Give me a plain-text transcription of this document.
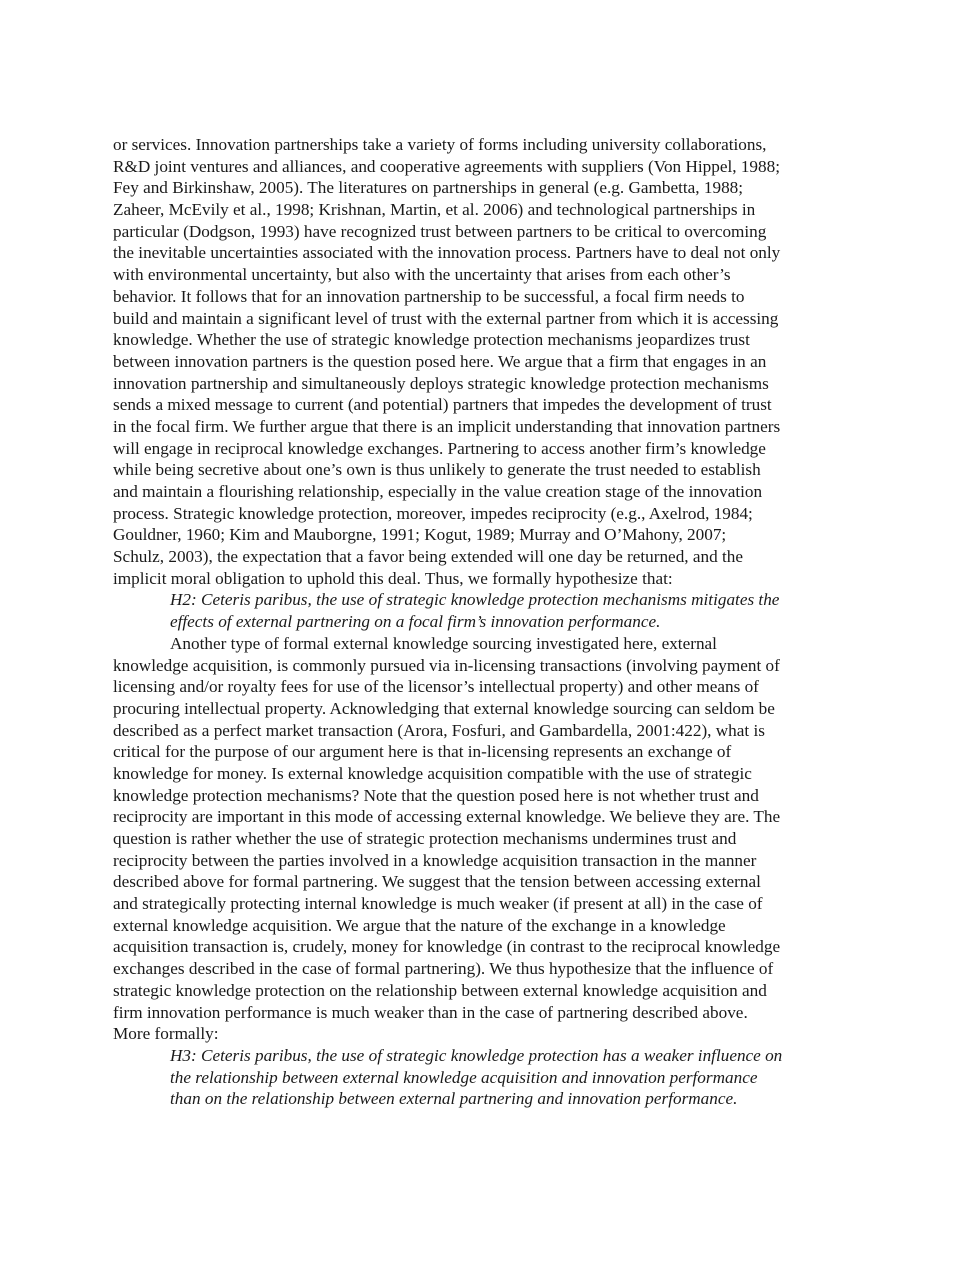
or services. Innovation partnerships take a variety of forms including university collaborations,
R&D joint ventures and alliances, and cooperative agreements with suppliers (Von Hippel, 1988;
Fey and Birkinshaw, 2005). The literatures on partnerships in general (e.g. Gambetta, 1988;
Zaheer, McEvily et al., 1998; Krishnan, Martin, et al. 2006) and technological partnerships in
particular (Dodgson, 1993) have recognized trust between partners to be critical to overcoming
the inevitable uncertainties associated with the innovation process. Partners have to deal not only
with environmental uncertainty, but also with the uncertainty that arises from each other’s
behavior. It follows that for an innovation partnership to be successful, a focal firm needs to
build and maintain a significant level of trust with the external partner from which it is accessing
knowledge. Whether the use of strategic knowledge protection mechanisms jeopardizes trust
between innovation partners is the question posed here. We argue that a firm that engages in an
innovation partnership and simultaneously deploys strategic knowledge protection mechanisms
sends a mixed message to current (and potential) partners that impedes the development of trust
in the focal firm. We further argue that there is an implicit understanding that innovation partners
will engage in reciprocal knowledge exchanges. Partnering to access another firm’s knowledge
while being secretive about one’s own is thus unlikely to generate the trust needed to establish
and maintain a flourishing relationship, especially in the value creation stage of the innovation
process. Strategic knowledge protection, moreover, impedes reciprocity (e.g., Axelrod, 1984;
Gouldner, 1960; Kim and Mauborgne, 1991; Kogut, 1989; Murray and O’Mahony, 2007;
Schulz, 2003), the expectation that a favor being extended will one day be returned, and the
implicit moral obligation to uphold this deal. Thus, we formally hypothesize that:
H2: Ceteris paribus, the use of strategic knowledge protection mechanisms mitigates the
effects of external partnering on a focal firm’s innovation performance.
Another type of formal external knowledge sourcing investigated here, external
knowledge acquisition, is commonly pursued via in-licensing transactions (involving payment of
licensing and/or royalty fees for use of the licensor’s intellectual property) and other means of
procuring intellectual property. Acknowledging that external knowledge sourcing can seldom be
described as a perfect market transaction (Arora, Fosfuri, and Gambardella, 2001:422), what is
critical for the purpose of our argument here is that in-licensing represents an exchange of
knowledge for money. Is external knowledge acquisition compatible with the use of strategic
knowledge protection mechanisms? Note that the question posed here is not whether trust and
reciprocity are important in this mode of accessing external knowledge. We believe they are. The
question is rather whether the use of strategic protection mechanisms undermines trust and
reciprocity between the parties involved in a knowledge acquisition transaction in the manner
described above for formal partnering. We suggest that the tension between accessing external
and strategically protecting internal knowledge is much weaker (if present at all) in the case of
external knowledge acquisition. We argue that the nature of the exchange in a knowledge
acquisition transaction is, crudely, money for knowledge (in contrast to the reciprocal knowledge
exchanges described in the case of formal partnering). We thus hypothesize that the influence of
strategic knowledge protection on the relationship between external knowledge acquisition and
firm innovation performance is much weaker than in the case of partnering described above.
More formally:
H3: Ceteris paribus, the use of strategic knowledge protection has a weaker influence on
the relationship between external knowledge acquisition and innovation performance
than on the relationship between external partnering and innovation performance.
